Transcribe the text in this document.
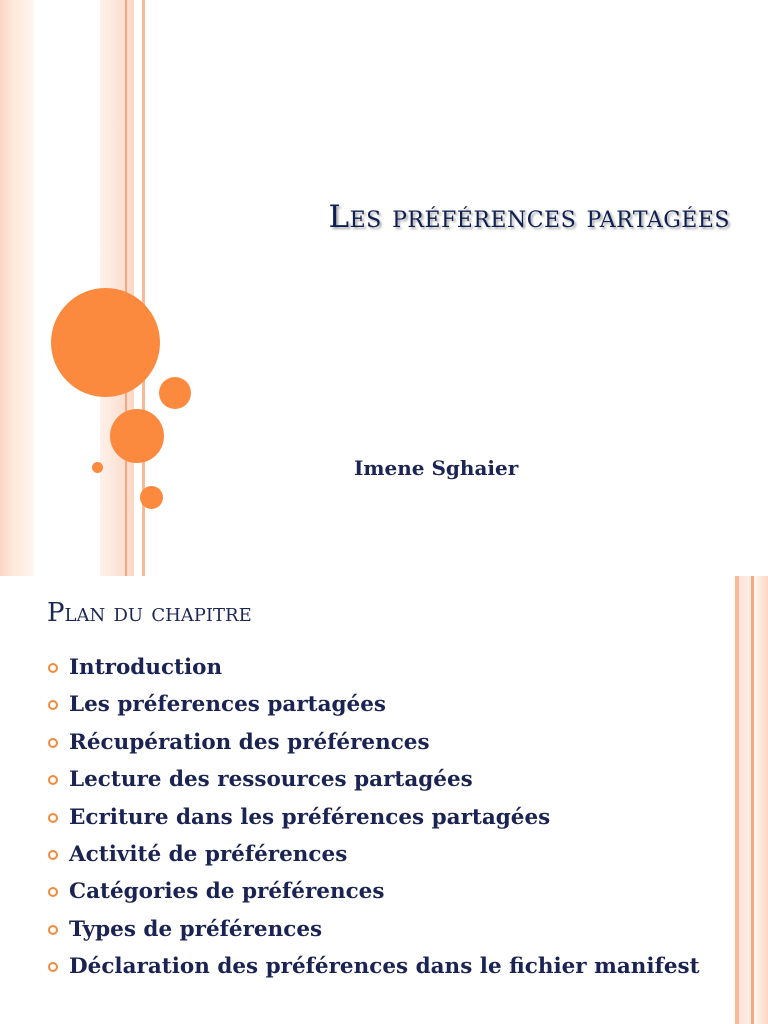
Les préférences partagées
Imene Sghaier
Plan du chapitre
Introduction
Les préferences partagées
Récupération des préférences
Lecture des ressources partagées
Ecriture dans les préférences partagées
Activité de préférences
Catégories de préférences
Types de préférences
Déclaration des préférences dans le fichier manifest
